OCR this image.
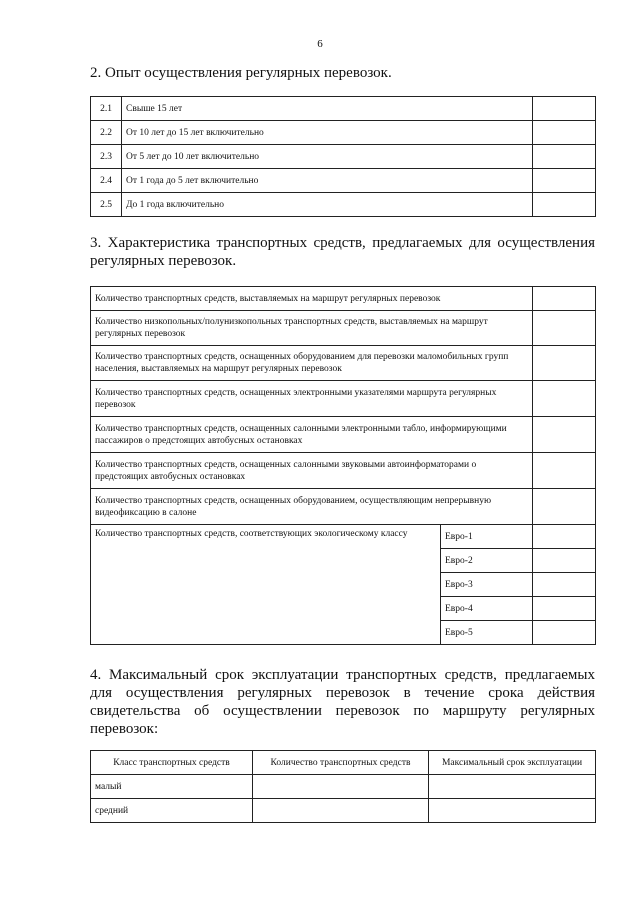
6
2. Опыт осуществления регулярных перевозок.
2.1	Свыше 15 лет	
2.2	От 10 лет до 15 лет включительно	
2.3	От 5 лет до 10 лет включительно	
2.4	От 1 года до 5 лет включительно	
2.5	До 1 года включительно	
3. Характеристика транспортных средств, предлагаемых для осуществления регулярных перевозок.
Количество транспортных средств, выставляемых на маршрут регулярных перевозок		
Количество низкопольных/полунизкопольных транспортных средств, выставляемых на маршрут регулярных перевозок		
Количество транспортных средств, оснащенных оборудованием для перевозки маломобильных групп населения, выставляемых на маршрут регулярных перевозок		
Количество транспортных средств, оснащенных электронными указателями маршрута регулярных перевозок		
Количество транспортных средств, оснащенных салонными электронными табло, информирующими пассажиров о предстоящих автобусных остановках		
Количество транспортных средств, оснащенных салонными звуковыми автоинформаторами о предстоящих автобусных остановках		
Количество транспортных средств, оснащенных оборудованием, осуществляющим непрерывную видеофиксацию в салоне		
Количество транспортных средств, соответствующих экологическому классу	Евро-1	
	Евро-2	
	Евро-3	
	Евро-4	
	Евро-5	
4. Максимальный срок эксплуатации транспортных средств, предлагаемых для осуществления регулярных перевозок в течение срока действия свидетельства об осуществлении перевозок по маршруту регулярных перевозок:
Класс транспортных средств	Количество транспортных средств	Максимальный срок эксплуатации
малый		
средний		
